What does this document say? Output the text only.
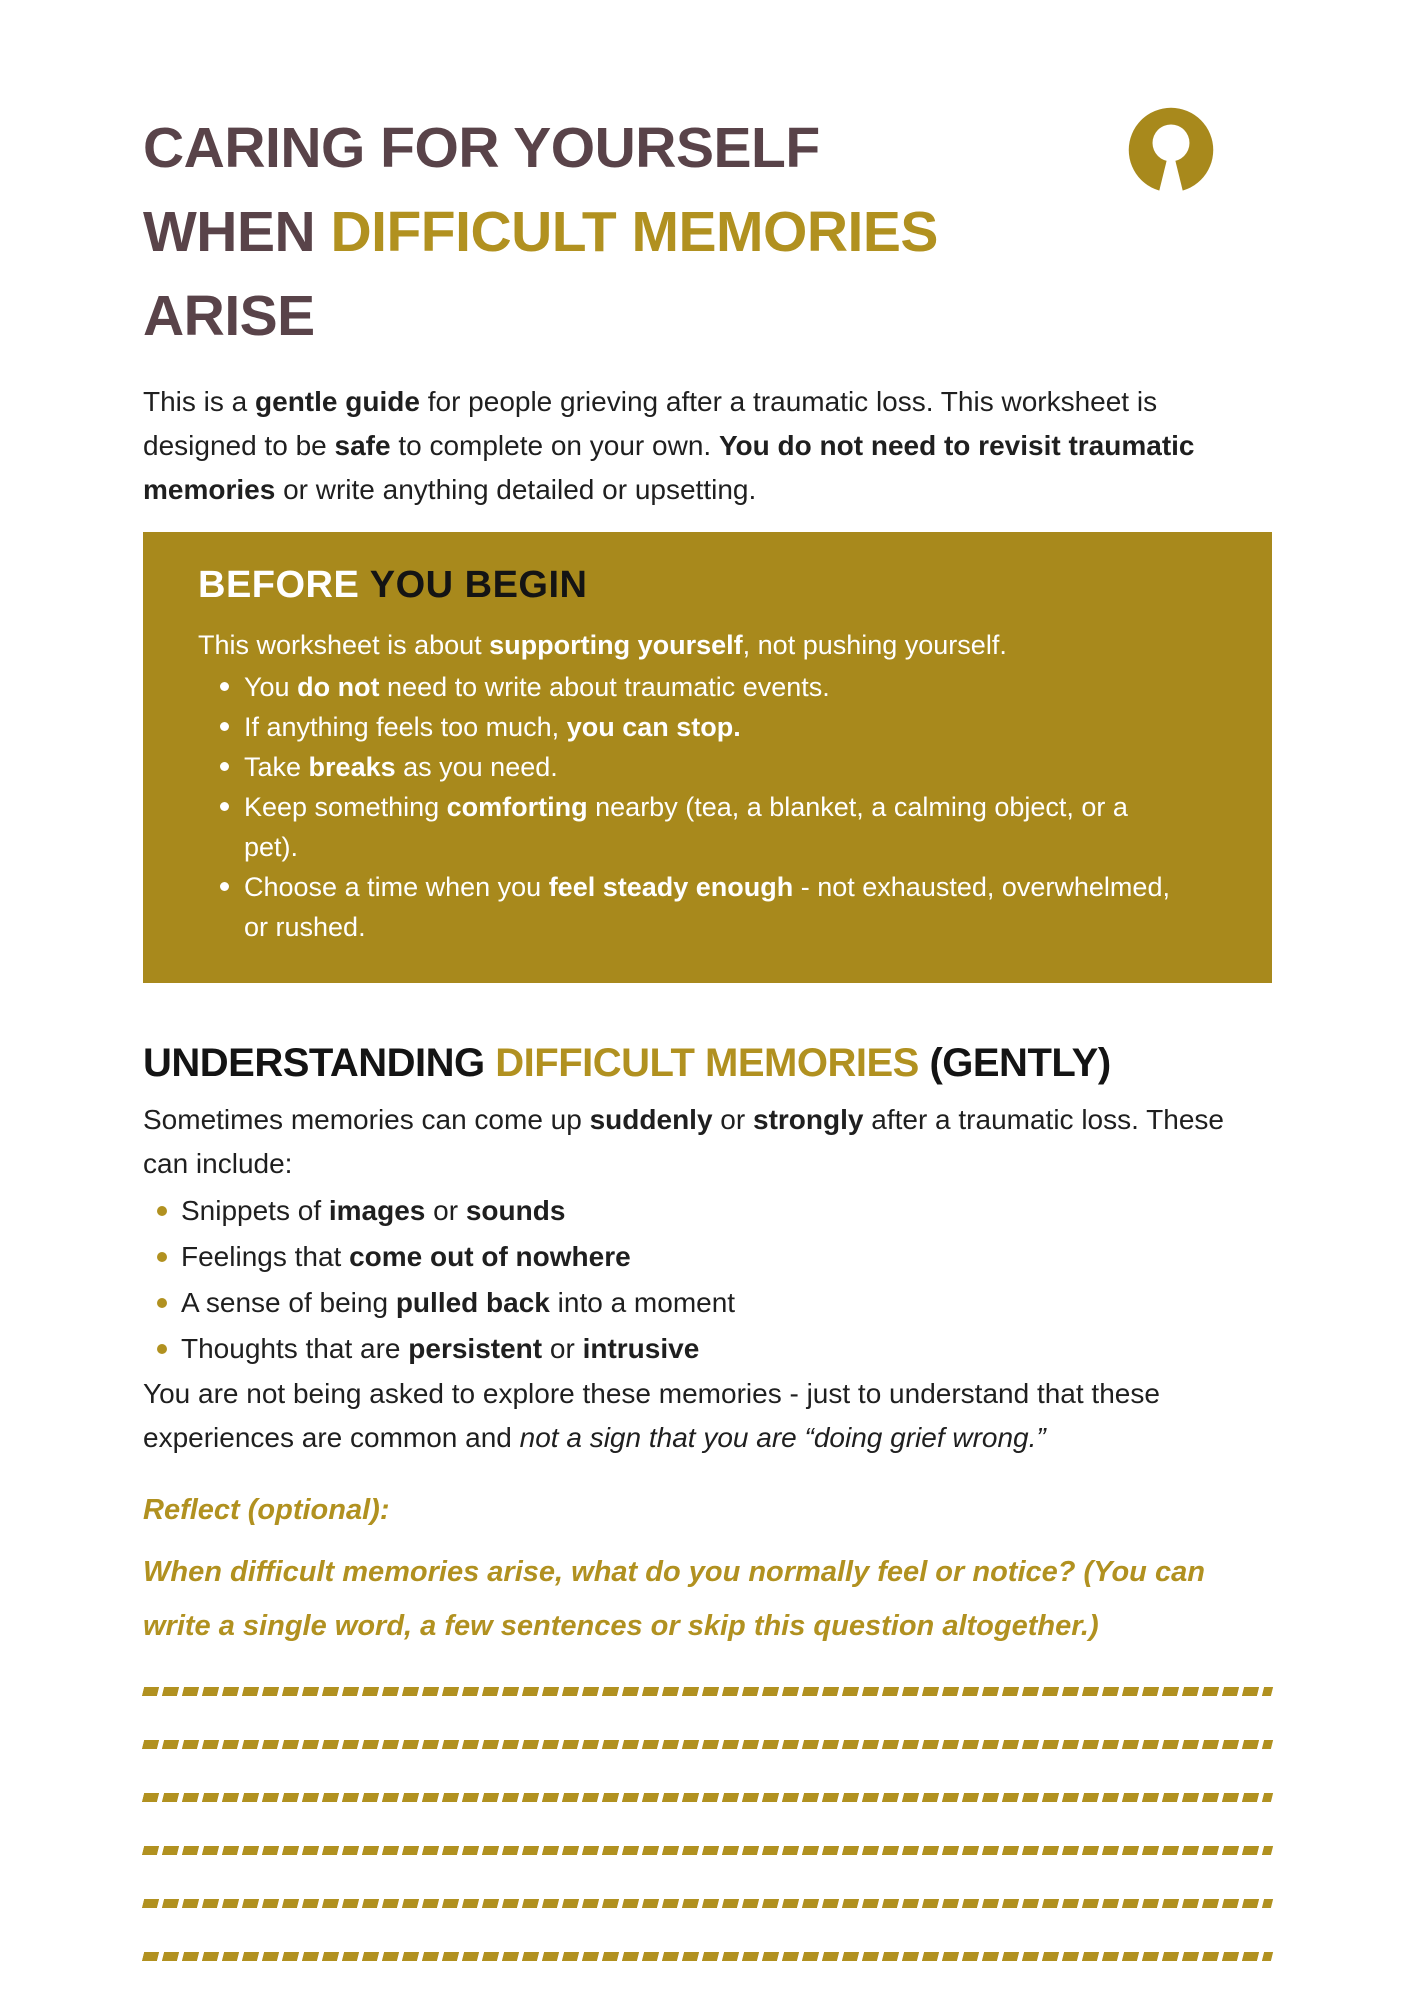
CARING FOR YOURSELF
WHEN DIFFICULT MEMORIES
ARISE

This is a gentle guide for people grieving after a traumatic loss. This worksheet is designed to be safe to complete on your own. You do not need to revisit traumatic memories or write anything detailed or upsetting.

BEFORE YOU BEGIN

This worksheet is about supporting yourself, not pushing yourself.

You do not need to write about traumatic events.
If anything feels too much, you can stop.
Take breaks as you need.
Keep something comforting nearby (tea, a blanket, a calming object, or a pet).
Choose a time when you feel steady enough - not exhausted, overwhelmed, or rushed.
UNDERSTANDING DIFFICULT MEMORIES (GENTLY)

Sometimes memories can come up suddenly or strongly after a traumatic loss. These can include:

Snippets of images or sounds
Feelings that come out of nowhere
A sense of being pulled back into a moment
Thoughts that are persistent or intrusive

You are not being asked to explore these memories - just to understand that these experiences are common and not a sign that you are “doing grief wrong.”

Reflect (optional):

When difficult memories arise, what do you normally feel or notice? (You can write a single word, a few sentences or skip this question altogether.)
